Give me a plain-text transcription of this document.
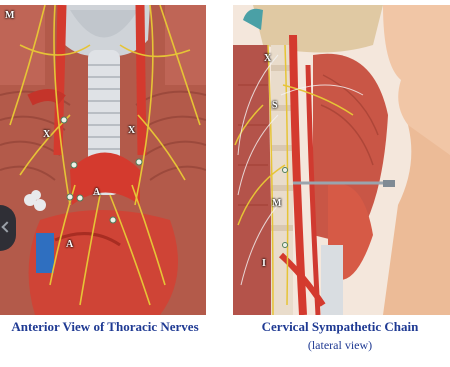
M
X	X
A
A
X
S
M
I
Anterior View of Thoracic Nerves	Cervical Sympathetic Chain
(lateral view)
